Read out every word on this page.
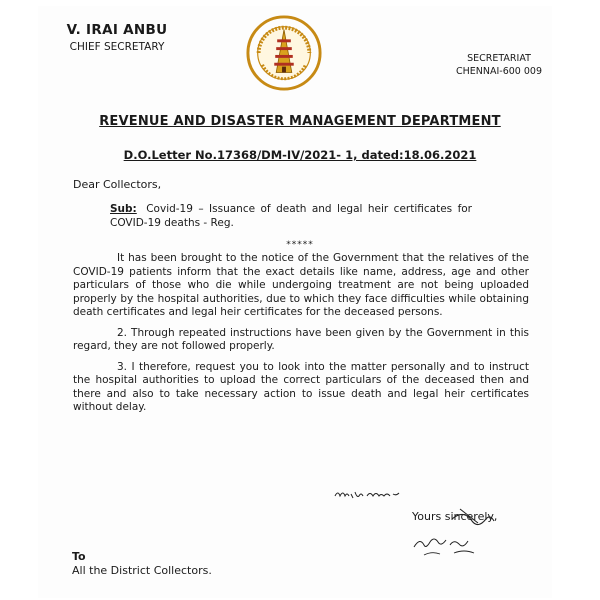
V. IRAI ANBU
CHIEF SECRETARY
SECRETARIAT
CHENNAI-600 009
REVENUE AND DISASTER MANAGEMENT DEPARTMENT
D.O.Letter No.17368/DM-IV/2021- 1, dated:18.06.2021
Dear Collectors,
Sub: Covid-19 – Issuance of death and legal heir certificates for COVID-19 deaths - Reg.
*****

It has been brought to the notice of the Government that the relatives of the COVID-19 patients inform that the exact details like name, address, age and other particulars of those who die while undergoing treatment are not being uploaded properly by the hospital authorities, due to which they face difficulties while obtaining death certificates and legal heir certificates for the deceased persons.

2. Through repeated instructions have been given by the Government in this regard, they are not followed properly.

3. I therefore, request you to look into the matter personally and to instruct the hospital authorities to upload the correct particulars of the deceased then and there and also to take necessary action to issue death and legal heir certificates without delay.

Yours sincerely,
To
All the District Collectors.
